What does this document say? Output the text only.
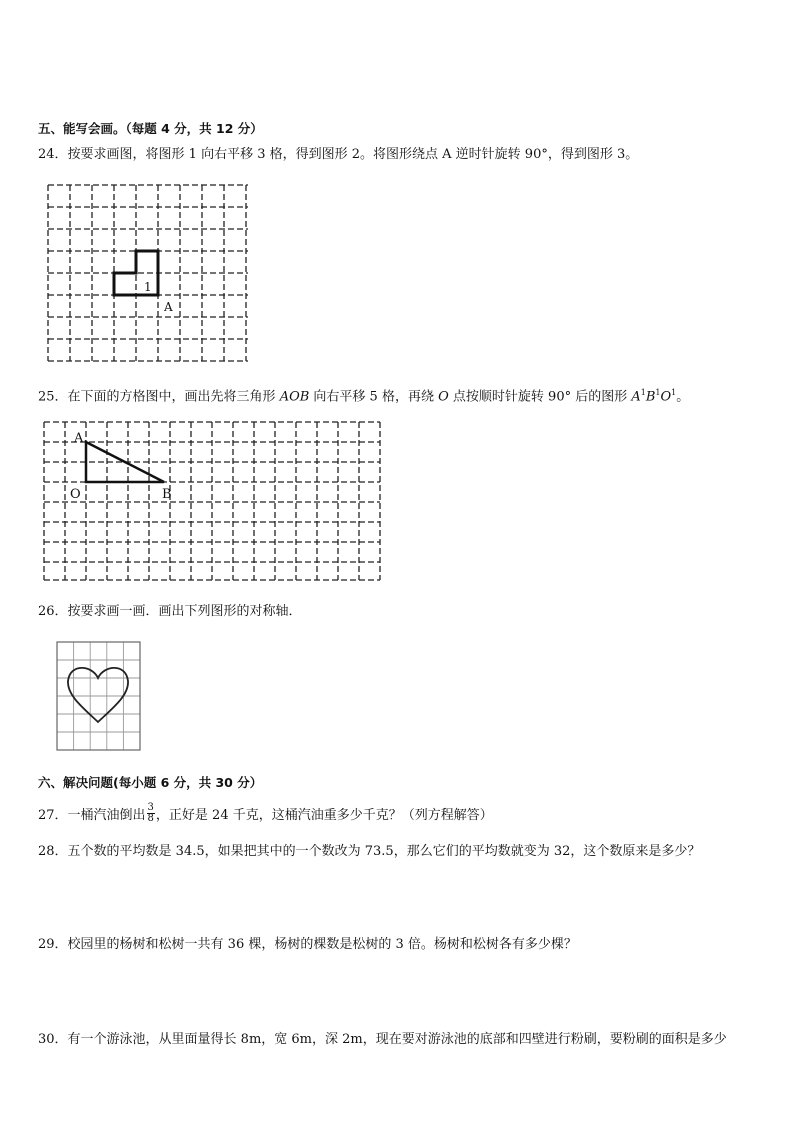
五、能写会画。（每题 4 分，共 12 分）
24．按要求画图，将图形 1 向右平移 3 格，得到图形 2。将图形绕点 A 逆时针旋转 90°，得到图形 3。
1
A
25．在下面的方格图中，画出先将三角形 AOB 向右平移 5 格，再绕 O 点按顺时针旋转 90° 后的图形 $A^1B^1O^1$。
A
O	B
26．按要求画一画．画出下列图形的对称轴．
六、解决问题(每小题 6 分，共 30 分）
27．一桶汽油倒出 $\frac{3}{8}$ ，正好是 24 千克，这桶汽油重多少千克？（列方程解答）
28．五个数的平均数是 34.5，如果把其中的一个数改为 73.5，那么它们的平均数就变为 32，这个数原来是多少？
29．校园里的杨树和松树一共有 36 棵，杨树的棵数是松树的 3 倍。杨树和松树各有多少棵？
30．有一个游泳池，从里面量得长 8m，宽 6m，深 2m，现在要对游泳池的底部和四壁进行粉刷，要粉刷的面积是多少
